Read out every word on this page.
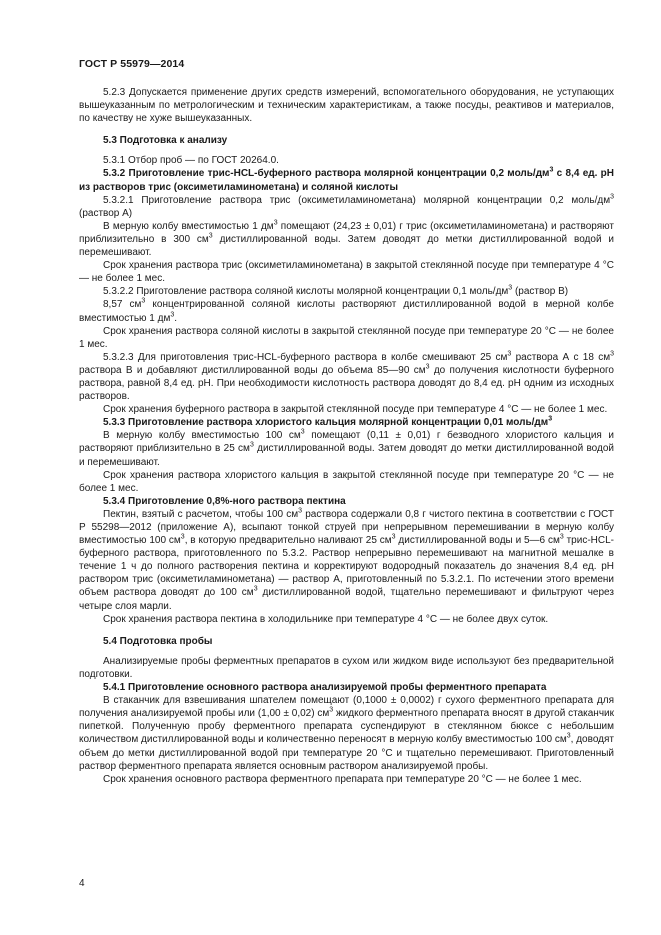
ГОСТ Р 55979—2014

5.2.3 Допускается применение других средств измерений, вспомогательного оборудования, не уступающих вышеуказанным по метрологическим и техническим характеристикам, а также посуды, реактивов и материалов, по качеству не хуже вышеуказанных.

5.3 Подготовка к анализу

5.3.1 Отбор проб — по ГОСТ 20264.0.

5.3.2 Приготовление трис-HCL-буферного раствора молярной концентрации 0,2 моль/$дм^3$ с 8,4 ед. рН из растворов трис (оксиметиламинометана) и соляной кислоты

5.3.2.1 Приготовление раствора трис (оксиметиламинометана) молярной концентрации 0,2 моль/$дм^3$ (раствор А)

В мерную колбу вместимостью 1 $дм^3$ помещают (24,23 ± 0,01) г трис (оксиметиламинометана) и растворяют приблизительно в 300 $см^3$ дистиллированной воды. Затем доводят до метки дистиллированной водой и перемешивают.

Срок хранения раствора трис (оксиметиламинометана) в закрытой стеклянной посуде при температуре 4 °С — не более 1 мес.

5.3.2.2 Приготовление раствора соляной кислоты молярной концентрации 0,1 моль/$дм^3$ (раствор В)

8,57 $см^3$ концентрированной соляной кислоты растворяют дистиллированной водой в мерной колбе вместимостью 1 $дм^3$.

Срок хранения раствора соляной кислоты в закрытой стеклянной посуде при температуре 20 °С — не более 1 мес.

5.3.2.3 Для приготовления трис-HCL-буферного раствора в колбе смешивают 25 $см^3$ раствора А с 18 $см^3$ раствора В и добавляют дистиллированной воды до объема 85—90 $см^3$ до получения кислотности буферного раствора, равной 8,4 ед. рН. При необходимости кислотность раствора доводят до 8,4 ед. рН одним из исходных растворов.

Срок хранения буферного раствора в закрытой стеклянной посуде при температуре 4 °С — не более 1 мес.

5.3.3 Приготовление раствора хлористого кальция молярной концентрации 0,01 моль/$дм^3$

В мерную колбу вместимостью 100 $см^3$ помещают (0,11 ± 0,01) г безводного хлористого кальция и растворяют приблизительно в 25 $см^3$ дистиллированной воды. Затем доводят до метки дистиллированной водой и перемешивают.

Срок хранения раствора хлористого кальция в закрытой стеклянной посуде при температуре 20 °С — не более 1 мес.

5.3.4 Приготовление 0,8%-ного раствора пектина

Пектин, взятый с расчетом, чтобы 100 $см^3$ раствора содержали 0,8 г чистого пектина в соответствии с ГОСТ Р 55298—2012 (приложение А), всыпают тонкой струей при непрерывном перемешивании в мерную колбу вместимостью 100 $см^3$, в которую предварительно наливают 25 $см^3$ дистиллированной воды и 5—6 $см^3$ трис-HCL-буферного раствора, приготовленного по 5.3.2. Раствор непрерывно перемешивают на магнитной мешалке в течение 1 ч до полного растворения пектина и корректируют водородный показатель до значения 8,4 ед. рН раствором трис (оксиметиламинометана) — раствор А, приготовленный по 5.3.2.1. По истечении этого времени объем раствора доводят до 100 $см^3$ дистиллированной водой, тщательно перемешивают и фильтруют через четыре слоя марли.

Срок хранения раствора пектина в холодильнике при температуре 4 °С — не более двух суток.

5.4 Подготовка пробы

Анализируемые пробы ферментных препаратов в сухом или жидком виде используют без предварительной подготовки.

5.4.1 Приготовление основного раствора анализируемой пробы ферментного препарата

В стаканчик для взвешивания шпателем помещают (0,1000 ± 0,0002) г сухого ферментного препарата для получения анализируемой пробы или (1,00 ± 0,02) $см^3$ жидкого ферментного препарата вносят в другой стаканчик пипеткой. Полученную пробу ферментного препарата суспендируют в стеклянном бюксе с небольшим количеством дистиллированной воды и количественно переносят в мерную колбу вместимостью 100 $см^3$, доводят объем до метки дистиллированной водой при температуре 20 °С и тщательно перемешивают. Приготовленный раствор ферментного препарата является основным раствором анализируемой пробы.

Срок хранения основного раствора ферментного препарата при температуре 20 °С — не более 1 мес.

4
